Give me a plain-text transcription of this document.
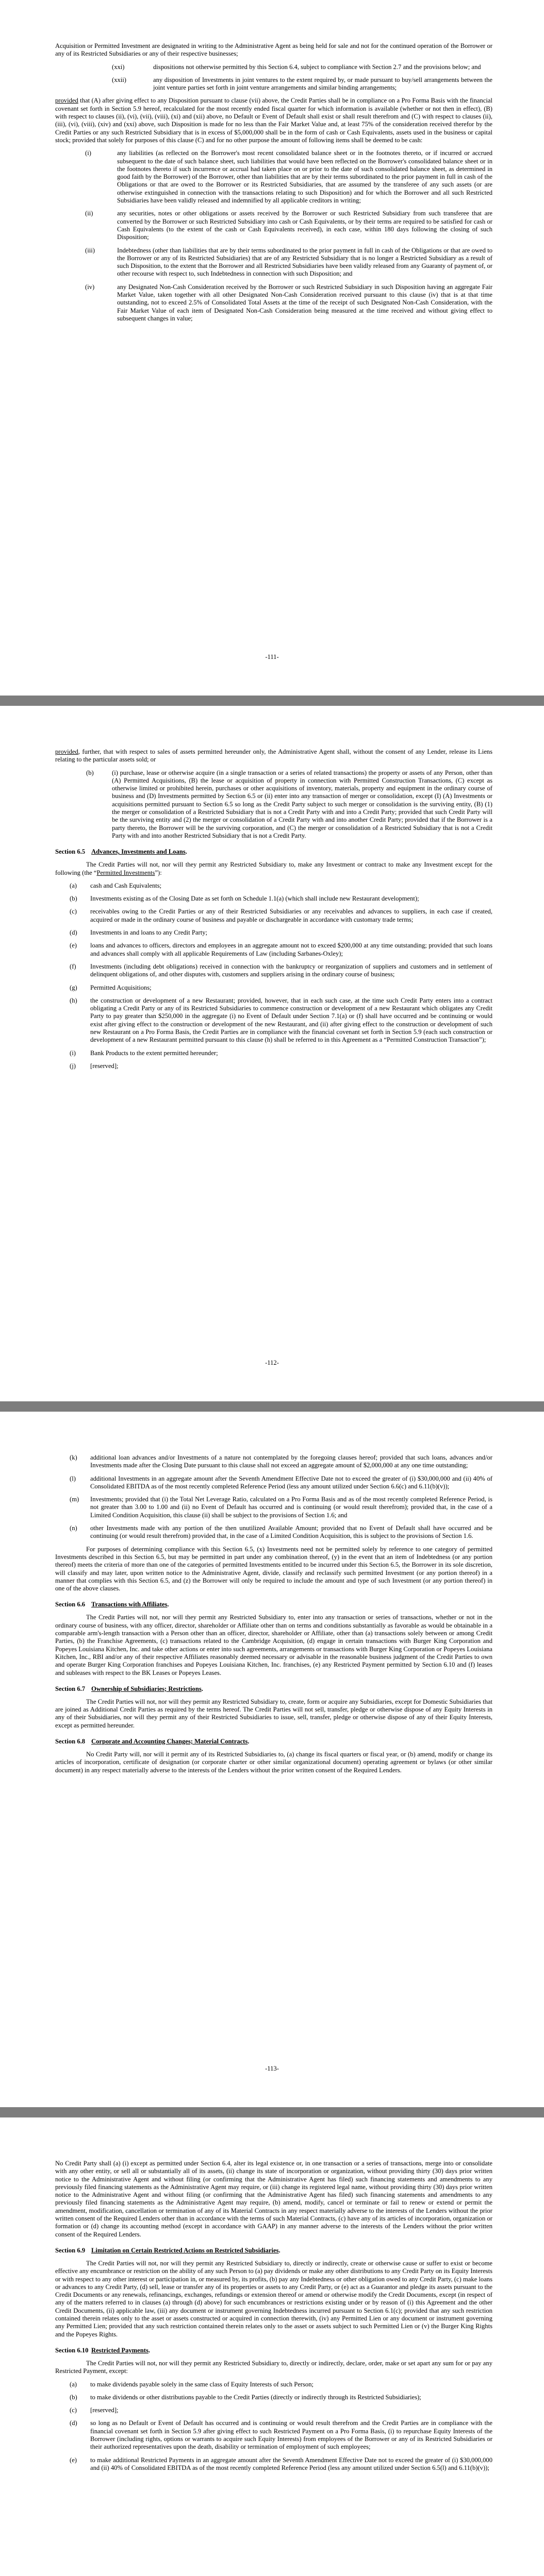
Acquisition or Permitted Investment are designated in writing to the Administrative Agent as being held for sale and not for the continued operation of the Borrower or any of its Restricted Subsidiaries or any of their respective businesses;

(xxi)	dispositions not otherwise permitted by this Section 6.4, subject to compliance with Section 2.7 and the provisions below; and
(xxii)	any disposition of Investments in joint ventures to the extent required by, or made pursuant to buy/sell arrangements between the joint venture parties set forth in joint venture arrangements and similar binding arrangements;

provided that (A) after giving effect to any Disposition pursuant to clause (vii) above, the Credit Parties shall be in compliance on a Pro Forma Basis with the financial covenant set forth in Section 5.9 hereof, recalculated for the most recently ended fiscal quarter for which information is available (whether or not then in effect), (B) with respect to clauses (ii), (vi), (vii), (viii), (xi) and (xii) above, no Default or Event of Default shall exist or shall result therefrom and (C) with respect to clauses (ii), (iii), (vi), (viii), (xiv) and (xxi) above, such Disposition is made for no less than the Fair Market Value and, at least 75% of the consideration received therefor by the Credit Parties or any such Restricted Subsidiary that is in excess of $5,000,000 shall be in the form of cash or Cash Equivalents, assets used in the business or capital stock; provided that solely for purposes of this clause (C) and for no other purpose the amount of following items shall be deemed to be cash:

(i)	any liabilities (as reflected on the Borrower's most recent consolidated balance sheet or in the footnotes thereto, or if incurred or accrued subsequent to the date of such balance sheet, such liabilities that would have been reflected on the Borrower's consolidated balance sheet or in the footnotes thereto if such incurrence or accrual had taken place on or prior to the date of such consolidated balance sheet, as determined in good faith by the Borrower) of the Borrower, other than liabilities that are by their terms subordinated to the prior payment in full in cash of the Obligations or that are owed to the Borrower or its Restricted Subsidiaries, that are assumed by the transferee of any such assets (or are otherwise extinguished in connection with the transactions relating to such Disposition) and for which the Borrower and all such Restricted Subsidiaries have been validly released and indemnified by all applicable creditors in writing;
(ii)	any securities, notes or other obligations or assets received by the Borrower or such Restricted Subsidiary from such transferee that are converted by the Borrower or such Restricted Subsidiary into cash or Cash Equivalents, or by their terms are required to be satisfied for cash or Cash Equivalents (to the extent of the cash or Cash Equivalents received), in each case, within 180 days following the closing of such Disposition;
(iii)	Indebtedness (other than liabilities that are by their terms subordinated to the prior payment in full in cash of the Obligations or that are owed to the Borrower or any of its Restricted Subsidiaries) that are of any Restricted Subsidiary that is no longer a Restricted Subsidiary as a result of such Disposition, to the extent that the Borrower and all Restricted Subsidiaries have been validly released from any Guaranty of payment of, or other recourse with respect to, such Indebtedness in connection with such Disposition; and
(iv)	any Designated Non-Cash Consideration received by the Borrower or such Restricted Subsidiary in such Disposition having an aggregate Fair Market Value, taken together with all other Designated Non-Cash Consideration received pursuant to this clause (iv) that is at that time outstanding, not to exceed 2.5% of Consolidated Total Assets at the time of the receipt of such Designated Non-Cash Consideration, with the Fair Market Value of each item of Designated Non-Cash Consideration being measured at the time received and without giving effect to subsequent changes in value;
-111-

provided, further, that with respect to sales of assets permitted hereunder only, the Administrative Agent shall, without the consent of any Lender, release its Liens relating to the particular assets sold; or

(b)	(i) purchase, lease or otherwise acquire (in a single transaction or a series of related transactions) the property or assets of any Person, other than (A) Permitted Acquisitions, (B) the lease or acquisition of property in connection with Permitted Construction Transactions, (C) except as otherwise limited or prohibited herein, purchases or other acquisitions of inventory, materials, property and equipment in the ordinary course of business and (D) Investments permitted by Section 6.5 or (ii) enter into any transaction of merger or consolidation, except (I) (A) Investments or acquisitions permitted pursuant to Section 6.5 so long as the Credit Party subject to such merger or consolidation is the surviving entity, (B) (1) the merger or consolidation of a Restricted Subsidiary that is not a Credit Party with and into a Credit Party; provided that such Credit Party will be the surviving entity and (2) the merger or consolidation of a Credit Party with and into another Credit Party; provided that if the Borrower is a party thereto, the Borrower will be the surviving corporation, and (C) the merger or consolidation of a Restricted Subsidiary that is not a Credit Party with and into another Restricted Subsidiary that is not a Credit Party.
Section 6.5 Advances, Investments and Loans.

The Credit Parties will not, nor will they permit any Restricted Subsidiary to, make any Investment or contract to make any Investment except for the following (the “Permitted Investments”):

(a)	cash and Cash Equivalents;
(b)	Investments existing as of the Closing Date as set forth on Schedule 1.1(a) (which shall include new Restaurant development);
(c)	receivables owing to the Credit Parties or any of their Restricted Subsidiaries or any receivables and advances to suppliers, in each case if created, acquired or made in the ordinary course of business and payable or dischargeable in accordance with customary trade terms;
(d)	Investments in and loans to any Credit Party;
(e)	loans and advances to officers, directors and employees in an aggregate amount not to exceed $200,000 at any time outstanding; provided that such loans and advances shall comply with all applicable Requirements of Law (including Sarbanes-Oxley);
(f)	Investments (including debt obligations) received in connection with the bankruptcy or reorganization of suppliers and customers and in settlement of delinquent obligations of, and other disputes with, customers and suppliers arising in the ordinary course of business;
(g)	Permitted Acquisitions;
(h)	the construction or development of a new Restaurant; provided, however, that in each such case, at the time such Credit Party enters into a contract obligating a Credit Party or any of its Restricted Subsidiaries to commence construction or development of a new Restaurant which obligates any Credit Party to pay greater than $250,000 in the aggregate (i) no Event of Default under Section 7.1(a) or (f) shall have occurred and be continuing or would exist after giving effect to the construction or development of the new Restaurant, and (ii) after giving effect to the construction or development of such new Restaurant on a Pro Forma Basis, the Credit Parties are in compliance with the financial covenant set forth in Section 5.9 (each such construction or development of a new Restaurant permitted pursuant to this clause (h) shall be referred to in this Agreement as a “Permitted Construction Transaction”);
(i)	Bank Products to the extent permitted hereunder;
(j)	[reserved];
-112-
(k)	additional loan advances and/or Investments of a nature not contemplated by the foregoing clauses hereof; provided that such loans, advances and/or Investments made after the Closing Date pursuant to this clause shall not exceed an aggregate amount of $2,000,000 at any one time outstanding;
(l)	additional Investments in an aggregate amount after the Seventh Amendment Effective Date not to exceed the greater of (i) $30,000,000 and (ii) 40% of Consolidated EBITDA as of the most recently completed Reference Period (less any amount utilized under Section 6.6(c) and 6.11(b)(v));
(m)	Investments; provided that (i) the Total Net Leverage Ratio, calculated on a Pro Forma Basis and as of the most recently completed Reference Period, is not greater than 3.00 to 1.00 and (ii) no Event of Default has occurred and is continuing (or would result therefrom); provided that, in the case of a Limited Condition Acquisition, this clause (ii) shall be subject to the provisions of Section 1.6; and
(n)	other Investments made with any portion of the then unutilized Available Amount; provided that no Event of Default shall have occurred and be continuing (or would result therefrom) provided that, in the case of a Limited Condition Acquisition, this is subject to the provisions of Section 1.6.

For purposes of determining compliance with this Section 6.5, (x) Investments need not be permitted solely by reference to one category of permitted Investments described in this Section 6.5, but may be permitted in part under any combination thereof, (y) in the event that an item of Indebtedness (or any portion thereof) meets the criteria of more than one of the categories of permitted Investments entitled to be incurred under this Section 6.5, the Borrower in its sole discretion, will classify and may later, upon written notice to the Administrative Agent, divide, classify and reclassify such permitted Investment (or any portion thereof) in a manner that complies with this Section 6.5, and (z) the Borrower will only be required to include the amount and type of such Investment (or any portion thereof) in one of the above clauses.

Section 6.6 Transactions with Affiliates.

The Credit Parties will not, nor will they permit any Restricted Subsidiary to, enter into any transaction or series of transactions, whether or not in the ordinary course of business, with any officer, director, shareholder or Affiliate other than on terms and conditions substantially as favorable as would be obtainable in a comparable arm's-length transaction with a Person other than an officer, director, shareholder or Affiliate, other than (a) transactions solely between or among Credit Parties, (b) the Franchise Agreements, (c) transactions related to the Cambridge Acquisition, (d) engage in certain transactions with Burger King Corporation and Popeyes Louisiana Kitchen, Inc. and take other actions or enter into such agreements, arrangements or transactions with Burger King Corporation or Popeyes Louisiana Kitchen, Inc., RBI and/or any of their respective Affiliates reasonably deemed necessary or advisable in the reasonable business judgment of the Credit Parties to own and operate Burger King Corporation franchises and Popeyes Louisiana Kitchen, Inc. franchises, (e) any Restricted Payment permitted by Section 6.10 and (f) leases and subleases with respect to the BK Leases or Popeyes Leases.

Section 6.7 Ownership of Subsidiaries; Restrictions.

The Credit Parties will not, nor will they permit any Restricted Subsidiary to, create, form or acquire any Subsidiaries, except for Domestic Subsidiaries that are joined as Additional Credit Parties as required by the terms hereof. The Credit Parties will not sell, transfer, pledge or otherwise dispose of any Equity Interests in any of their Subsidiaries, nor will they permit any of their Restricted Subsidiaries to issue, sell, transfer, pledge or otherwise dispose of any of their Equity Interests, except as permitted hereunder.

Section 6.8 Corporate and Accounting Changes; Material Contracts.

No Credit Party will, nor will it permit any of its Restricted Subsidiaries to, (a) change its fiscal quarters or fiscal year, or (b) amend, modify or change its articles of incorporation, certificate of designation (or corporate charter or other similar organizational document) operating agreement or bylaws (or other similar document) in any respect materially adverse to the interests of the Lenders without the prior written consent of the Required Lenders.

-113-

No Credit Party shall (a) (i) except as permitted under Section 6.4, alter its legal existence or, in one transaction or a series of transactions, merge into or consolidate with any other entity, or sell all or substantially all of its assets, (ii) change its state of incorporation or organization, without providing thirty (30) days prior written notice to the Administrative Agent and without filing (or confirming that the Administrative Agent has filed) such financing statements and amendments to any previously filed financing statements as the Administrative Agent may require, or (iii) change its registered legal name, without providing thirty (30) days prior written notice to the Administrative Agent and without filing (or confirming that the Administrative Agent has filed) such financing statements and amendments to any previously filed financing statements as the Administrative Agent may require, (b) amend, modify, cancel or terminate or fail to renew or extend or permit the amendment, modification, cancellation or termination of any of its Material Contracts in any respect materially adverse to the interests of the Lenders without the prior written consent of the Required Lenders other than in accordance with the terms of such Material Contracts, (c) have any of its articles of incorporation, organization or formation or (d) change its accounting method (except in accordance with GAAP) in any manner adverse to the interests of the Lenders without the prior written consent of the Required Lenders.

Section 6.9 Limitation on Certain Restricted Actions on Restricted Subsidiaries.

The Credit Parties will not, nor will they permit any Restricted Subsidiary to, directly or indirectly, create or otherwise cause or suffer to exist or become effective any encumbrance or restriction on the ability of any such Person to (a) pay dividends or make any other distributions to any Credit Party on its Equity Interests or with respect to any other interest or participation in, or measured by, its profits, (b) pay any Indebtedness or other obligation owed to any Credit Party, (c) make loans or advances to any Credit Party, (d) sell, lease or transfer any of its properties or assets to any Credit Party, or (e) act as a Guarantor and pledge its assets pursuant to the Credit Documents or any renewals, refinancings, exchanges, refundings or extension thereof or amend or otherwise modify the Credit Documents, except (in respect of any of the matters referred to in clauses (a) through (d) above) for such encumbrances or restrictions existing under or by reason of (i) this Agreement and the other Credit Documents, (ii) applicable law, (iii) any document or instrument governing Indebtedness incurred pursuant to Section 6.1(c); provided that any such restriction contained therein relates only to the asset or assets constructed or acquired in connection therewith, (iv) any Permitted Lien or any document or instrument governing any Permitted Lien; provided that any such restriction contained therein relates only to the asset or assets subject to such Permitted Lien or (v) the Burger King Rights and the Popeyes Rights.

Section 6.10 Restricted Payments.

The Credit Parties will not, nor will they permit any Restricted Subsidiary to, directly or indirectly, declare, order, make or set apart any sum for or pay any Restricted Payment, except:

(a)	to make dividends payable solely in the same class of Equity Interests of such Person;
(b)	to make dividends or other distributions payable to the Credit Parties (directly or indirectly through its Restricted Subsidiaries);
(c)	[reserved];
(d)	so long as no Default or Event of Default has occurred and is continuing or would result therefrom and the Credit Parties are in compliance with the financial covenant set forth in Section 5.9 after giving effect to such Restricted Payment on a Pro Forma Basis, (i) to repurchase Equity Interests of the Borrower (including rights, options or warrants to acquire such Equity Interests) from employees of the Borrower or any of its Restricted Subsidiaries or their authorized representatives upon the death, disability or termination of employment of such employees;
(e)	to make additional Restricted Payments in an aggregate amount after the Seventh Amendment Effective Date not to exceed the greater of (i) $30,000,000 and (ii) 40% of Consolidated EBITDA as of the most recently completed Reference Period (less any amount utilized under Section 6.5(l) and 6.11(b)(v));
